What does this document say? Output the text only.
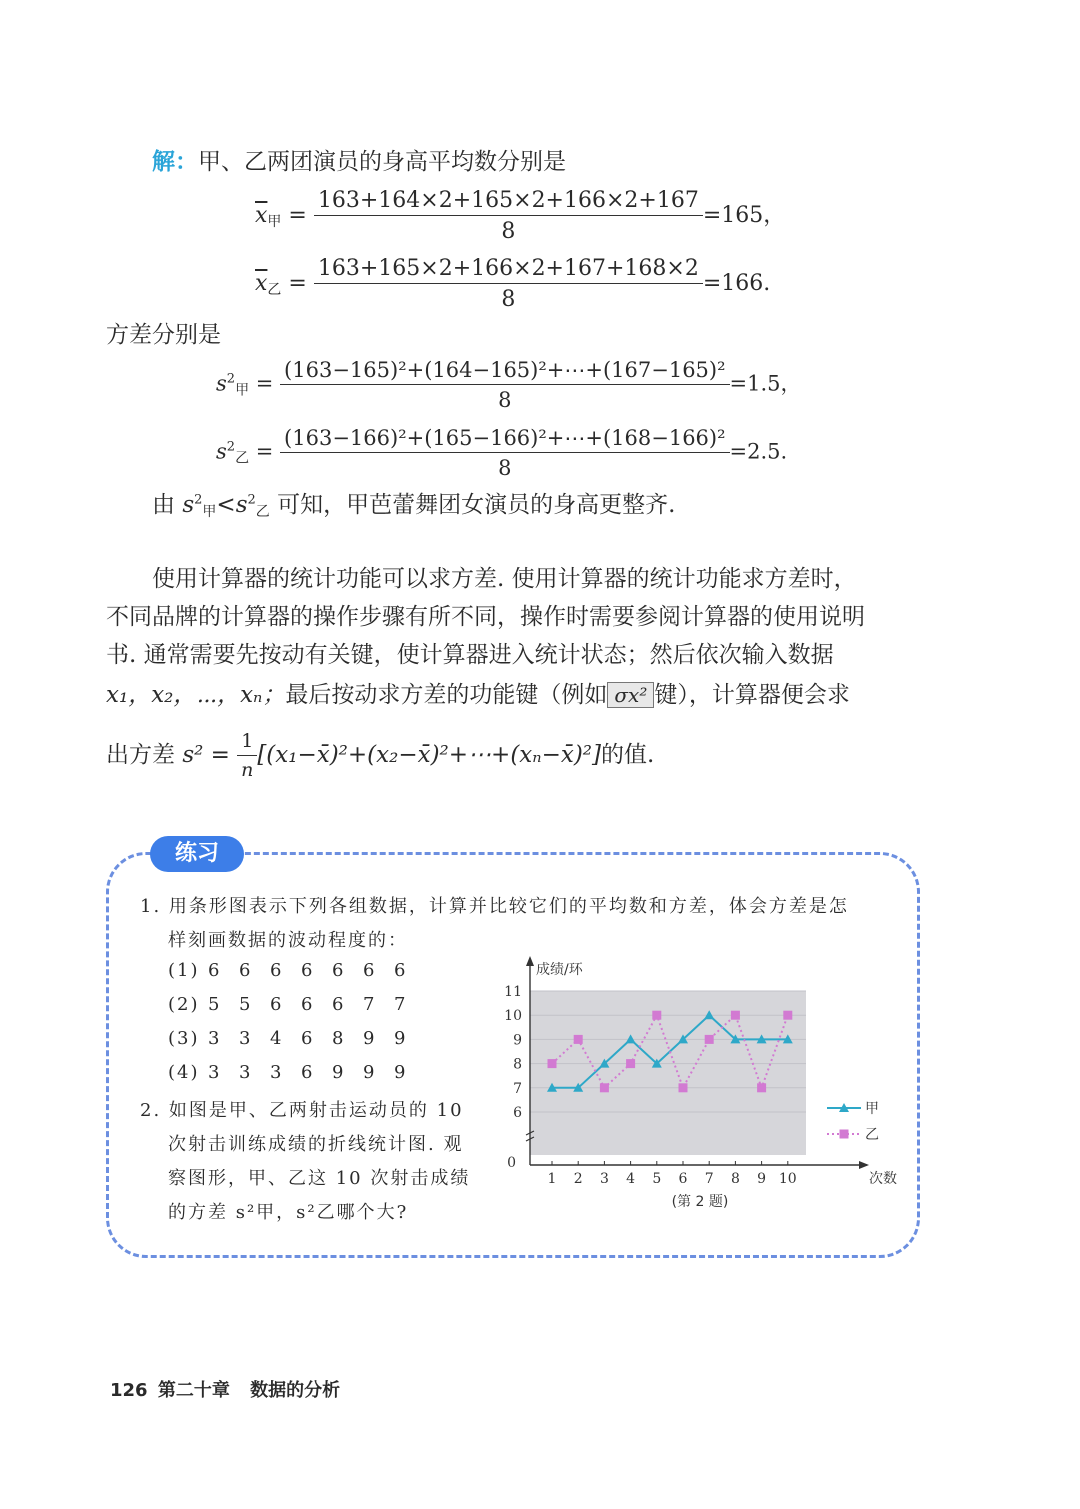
解：甲、乙两团演员的身高平均数分别是
$\overline{x}$甲 = $\frac{163+164\times 2+165\times 2+166\times 2+167}{8} =165$，
$\overline{x}$乙 = $\frac{163+165\times 2+166\times 2+167+168\times 2}{8} =166$.
方差分别是
$s^2$甲 = $\frac{\text{(163−165)²+(164−165)²+⋯+(167−165)²}}{8} =1.5$，
$s^2$乙 = $\frac{\text{(163−166)²+(165−166)²+⋯+(168−166)²}}{8} =2.5$.
由 $s^2$甲$<s^2$乙 可知，甲芭蕾舞团女演员的身高更整齐.
使用计算器的统计功能可以求方差. 使用计算器的统计功能求方差时，
不同品牌的计算器的操作步骤有所不同，操作时需要参阅计算器的使用说明
书. 通常需要先按动有关键，使计算器进入统计状态；然后依次输入数据
x₁，x₂，⋯，xₙ；最后按动求方差的功能键（例如 σx² 键），计算器便会求
出方差 $s^2 = \frac{1}{n}$ [(x₁−x̄)²+(x₂−x̄)²+⋯+(xₙ−x̄)²]的值.
练习
1. 用条形图表示下列各组数据，计算并比较它们的平均数和方差，体会方差是怎
样刻画数据的波动程度的：
(1) 6 6 6 6 6 6 6
(2) 5 5 6 6 6 7 7
(3) 3 3 4 6 8 9 9
(4) 3 3 3 6 9 9 9
2. 如图是甲、乙两射击运动员的 10
次射击训练成绩的折线统计图. 观
察图形，甲、乙这 10 次射击成绩
的方差 s²甲，s²乙哪个大?
6
7
8
9
10
11
0
1 2 3 4 5 6 7 8 9 10
成绩/环
次数
(第 2 题)
甲
乙
126 第二十章 数据的分析
